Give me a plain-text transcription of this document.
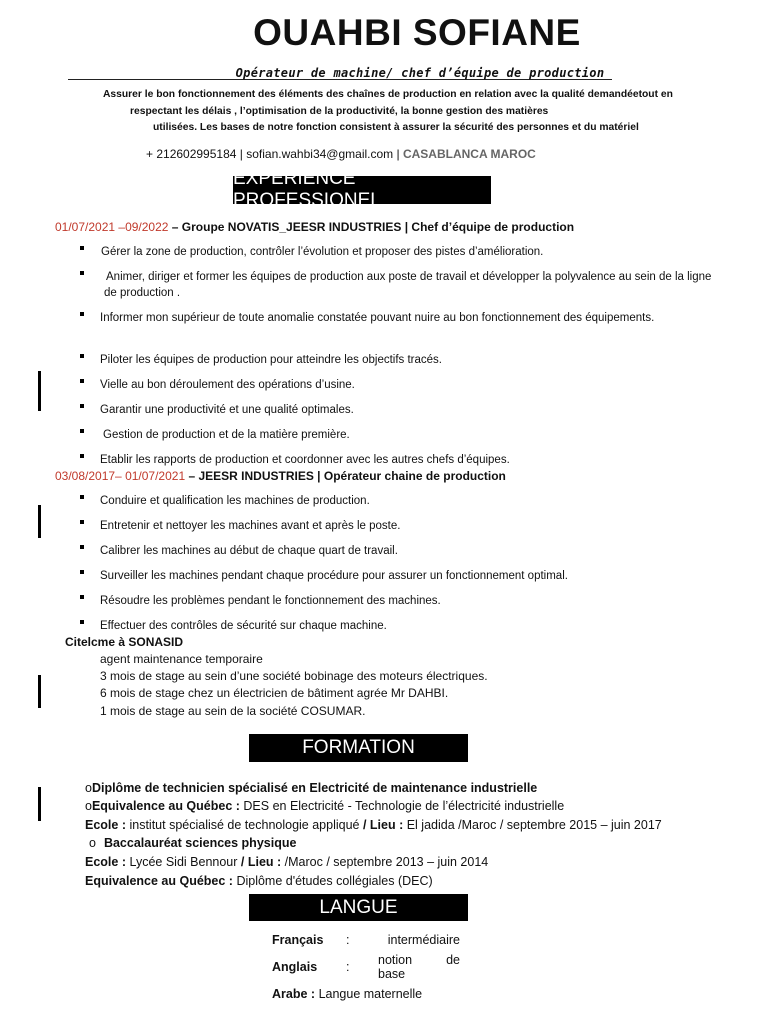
OUAHBI SOFIANE
Opérateur de machine/ chef d’équipe de production
Assurer le bon fonctionnement des éléments des chaînes de production en relation avec la qualité demandéetout en
respectant les délais , l’optimisation de la productivité, la bonne gestion des matières
utilisées. Les bases de notre fonction consistent à assurer la sécurité des personnes et du matériel
+ 212602995184 | sofian.wahbi34@gmail.com | CASABLANCA MAROC
EXPERIENCE PROFESSIONEL
01/07/2021 –09/2022 – Groupe NOVATIS_JEESR INDUSTRIES | Chef d’équipe de production
Gérer la zone de production, contrôler l’évolution et proposer des pistes d’amélioration.
Animer, diriger et former les équipes de production aux poste de travail et développer la polyvalence au sein de la ligne de production .
Informer mon supérieur de toute anomalie constatée pouvant nuire au bon fonctionnement des équipements.
Piloter les équipes de production pour atteindre les objectifs tracés.
Vielle au bon déroulement des opérations d’usine.
Garantir une productivité et une qualité optimales.
Gestion de production et de la matière première.
Etablir les rapports de production et coordonner avec les autres chefs d’équipes.
03/08/2017– 01/07/2021 – JEESR INDUSTRIES | Opérateur chaine de production
Conduire et qualification les machines de production.
Entretenir et nettoyer les machines avant et après le poste.
Calibrer les machines au début de chaque quart de travail.
Surveiller les machines pendant chaque procédure pour assurer un fonctionnement optimal.
Résoudre les problèmes pendant le fonctionnement des machines.
Effectuer des contrôles de sécurité sur chaque machine.
Citelcme à SONASID
agent maintenance temporaire
3 mois de stage au sein d’une société bobinage des moteurs électriques.
6 mois de stage chez un électricien de bâtiment agrée Mr DAHBI.
1 mois de stage au sein de la société COSUMAR.
FORMATION
oDiplôme de technicien spécialisé en Electricité de maintenance industrielle
oEquivalence au Québec : DES en Electricité - Technologie de l’électricité industrielle
Ecole : institut spécialisé de technologie appliqué / Lieu : El jadida /Maroc / septembre 2015 – juin 2017
o Baccalauréat sciences physique
Ecole : Lycée Sidi Bennour / Lieu : /Maroc / septembre 2013 – juin 2014
Equivalence au Québec : Diplôme d'études collégiales (DEC)
LANGUE
Français	:	intermédiaire
Anglais	:	notion de base
Arabe : Langue maternelle		
